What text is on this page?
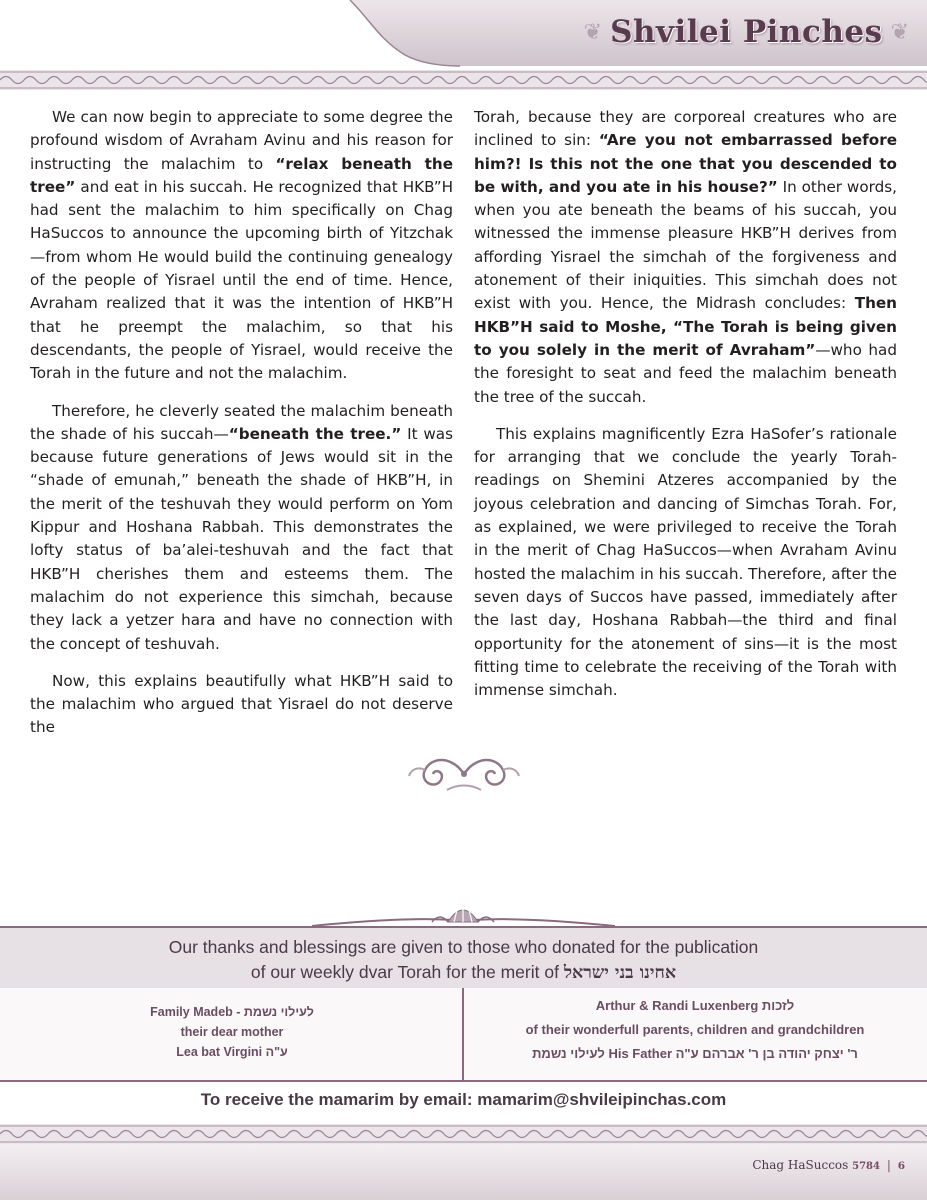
❦ Shvilei Pinches ❦

We can now begin to appreciate to some degree the profound wisdom of Avraham Avinu and his reason for instructing the malachim to “relax beneath the tree” and eat in his succah. He recognized that HKB”H had sent the malachim to him specifically on Chag HaSuccos to announce the upcoming birth of Yitzchak—from whom He would build the continuing genealogy of the people of Yisrael until the end of time. Hence, Avraham realized that it was the intention of HKB”H that he preempt the malachim, so that his descendants, the people of Yisrael, would receive the Torah in the future and not the malachim.

Therefore, he cleverly seated the malachim beneath the shade of his succah—“beneath the tree.” It was because future generations of Jews would sit in the “shade of emunah,” beneath the shade of HKB”H, in the merit of the teshuvah they would perform on Yom Kippur and Hoshana Rabbah. This demonstrates the lofty status of ba’alei-teshuvah and the fact that HKB”H cherishes them and esteems them. The malachim do not experience this simchah, because they lack a yetzer hara and have no connection with the concept of teshuvah.

Now, this explains beautifully what HKB”H said to the malachim who argued that Yisrael do not deserve the

Torah, because they are corporeal creatures who are inclined to sin: “Are you not embarrassed before him?! Is this not the one that you descended to be with, and you ate in his house?” In other words, when you ate beneath the beams of his succah, you witnessed the immense pleasure HKB”H derives from affording Yisrael the simchah of the forgiveness and atonement of their iniquities. This simchah does not exist with you. Hence, the Midrash concludes: Then HKB”H said to Moshe, “The Torah is being given to you solely in the merit of Avraham”—who had the foresight to seat and feed the malachim beneath the tree of the succah.

This explains magnificently Ezra HaSofer’s rationale for arranging that we conclude the yearly Torah-readings on Shemini Atzeres accompanied by the joyous celebration and dancing of Simchas Torah. For, as explained, we were privileged to receive the Torah in the merit of Chag HaSuccos—when Avraham Avinu hosted the malachim in his succah. Therefore, after the seven days of Succos have passed, immediately after the last day, Hoshana Rabbah—the third and final opportunity for the atonement of sins—it is the most fitting time to celebrate the receiving of the Torah with immense simchah.

Our thanks and blessings are given to those who donated for the publication
of our weekly dvar Torah for the merit of אחינו בני ישראל
Family Madeb - לעילוי נשמת
their dear mother
Lea bat Virgini ע"ה
Arthur & Randi Luxenberg לזכות
of their wonderfull parents, children and grandchildren
לעילוי נשמת His Father ר' יצחק יהודה בן ר' אברהם ע"ה
To receive the mamarim by email: mamarim@shvileipinchas.com
Chag HaSuccos 5784 | 6
